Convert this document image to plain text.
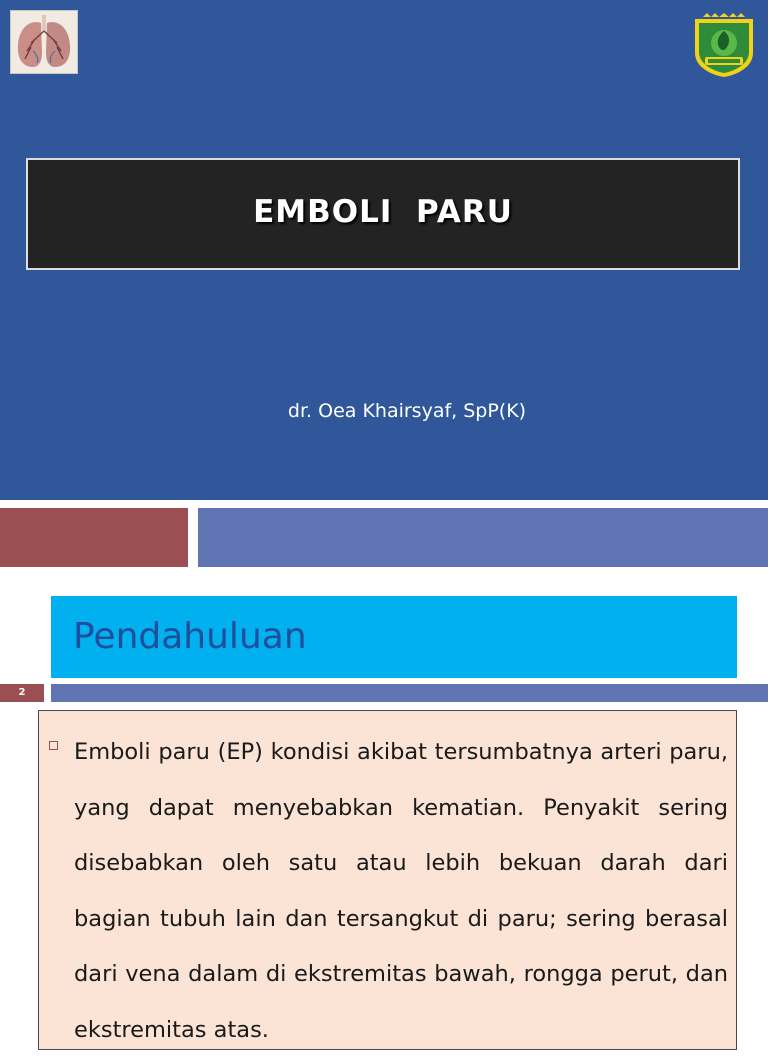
EMBOLI  PARU
dr. Oea Khairsyaf, SpP(K)
Pendahuluan
2

Emboli paru (EP) kondisi akibat tersumbatnya arteri paru, yang dapat menyebabkan kematian. Penyakit sering disebabkan oleh satu atau lebih bekuan darah dari bagian tubuh lain dan tersangkut di paru; sering berasal dari vena dalam di ekstremitas bawah, rongga perut, dan ekstremitas atas.
